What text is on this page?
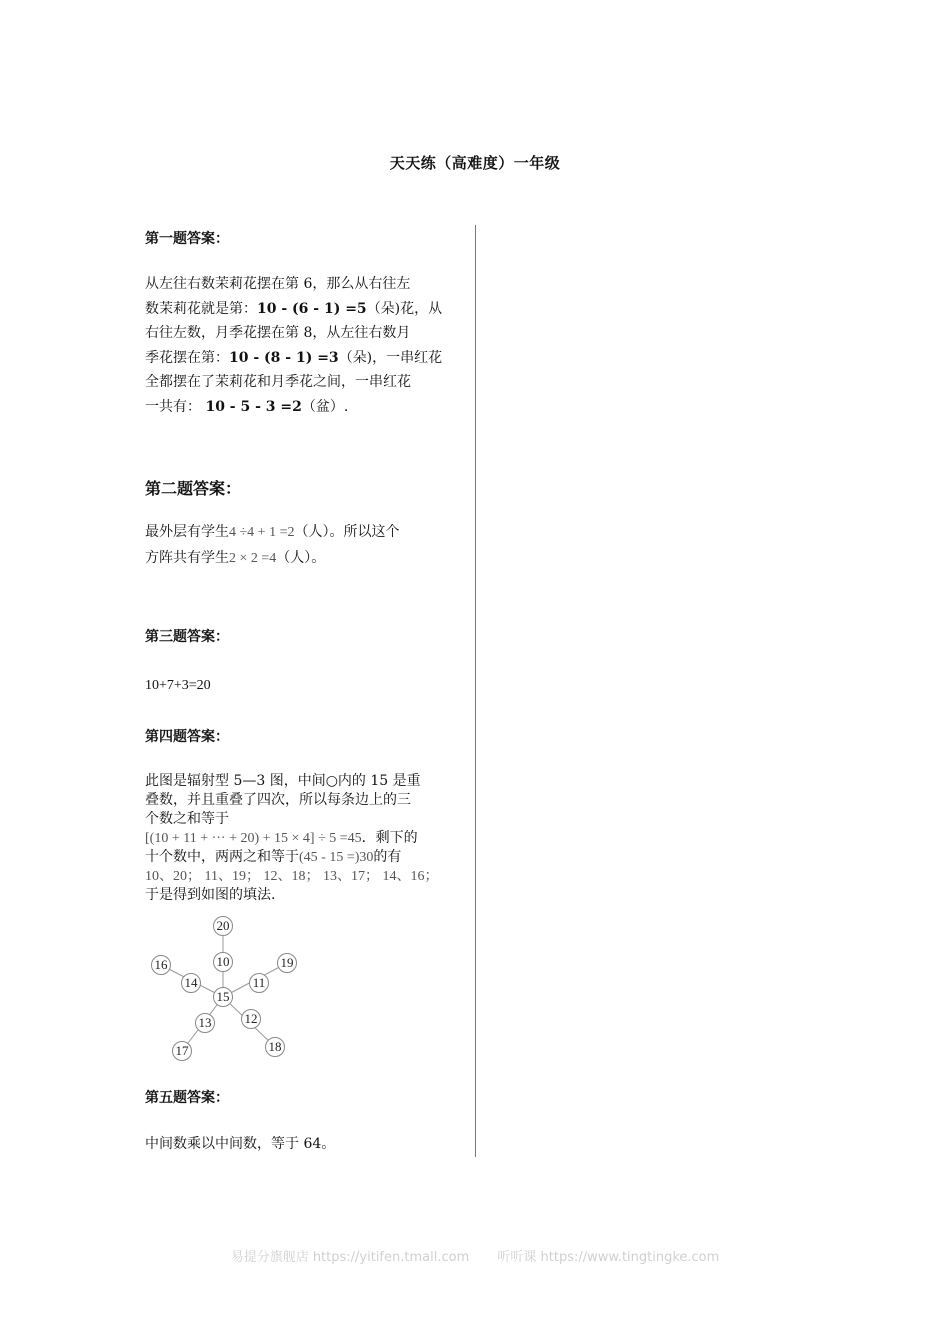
天天练（高难度）一年级
第一题答案：
从左往右数茉莉花摆在第 6，那么从右往左
数茉莉花就是第：10 - (6 - 1) =5（朵)花，从
右往左数，月季花摆在第 8，从左往右数月
季花摆在第：10 - (8 - 1) =3（朵)，一串红花
全都摆在了茉莉花和月季花之间，一串红花
一共有： 10 - 5 - 3 =2（盆）.
第二题答案：
最外层有学生4 ÷4 + 1 =2（人）。所以这个
方阵共有学生2 × 2 =4（人）。
第三题答案：
10+7+3=20
第四题答案：
此图是辐射型 5—3 图，中间○内的 15 是重
叠数，并且重叠了四次，所以每条边上的三
个数之和等于
[(10 + 11 + ··· + 20) + 15 × 4] ÷ 5 =45．剩下的
十个数中，两两之和等于(45 - 15 =)30的有
10、20； 11、19； 12、18； 13、17； 14、16；
于是得到如图的填法.
15
20
10
16
14
19
11
13
17
12
18
第五题答案：
中间数乘以中间数，等于 64。
易提分旗舰店 https://yitifen.tmall.com 听听课 https://www.tingtingke.com
